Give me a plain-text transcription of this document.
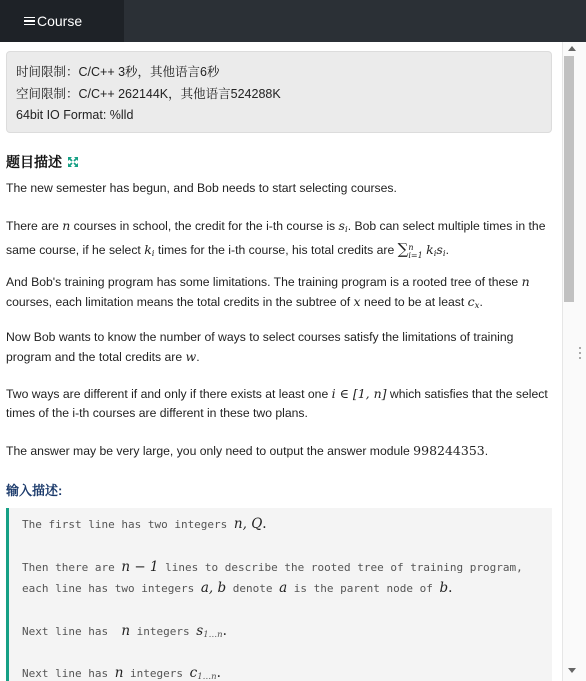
Course
时间限制：C/C++ 3秒，其他语言6秒
空间限制：C/C++ 262144K，其他语言524288K
64bit IO Format: %lld
题目描述
The new semester has begun, and Bob needs to start selecting courses.
There are n courses in school, the credit for the i-th course is $s_i$. Bob can select multiple times in the same course, if he select $k_i$ times for the i-th course, his total credits are ∑ n
i=1 $k_is_i$.
And Bob's training program has some limitations. The training program is a rooted tree of these n courses, each limitation means the total credits in the subtree of x need to be at least $c_x$.
Now Bob wants to know the number of ways to select courses satisfy the limitations of training program and the total credits are w.
Two ways are different if and only if there exists at least one i ∈ [1, n] which satisfies that the select times of the i-th courses are different in these two plans.
The answer may be very large, you only need to output the answer module 998244353.
输入描述:
The first line has two integers n, Q.
Then there are n − 1 lines to describe the rooted tree of training program,
each line has two integers a, b denote a is the parent node of b.
Next line has  n integers $s_{1\dots n}$.
Next line has n integers $c_{1\dots n}$.
